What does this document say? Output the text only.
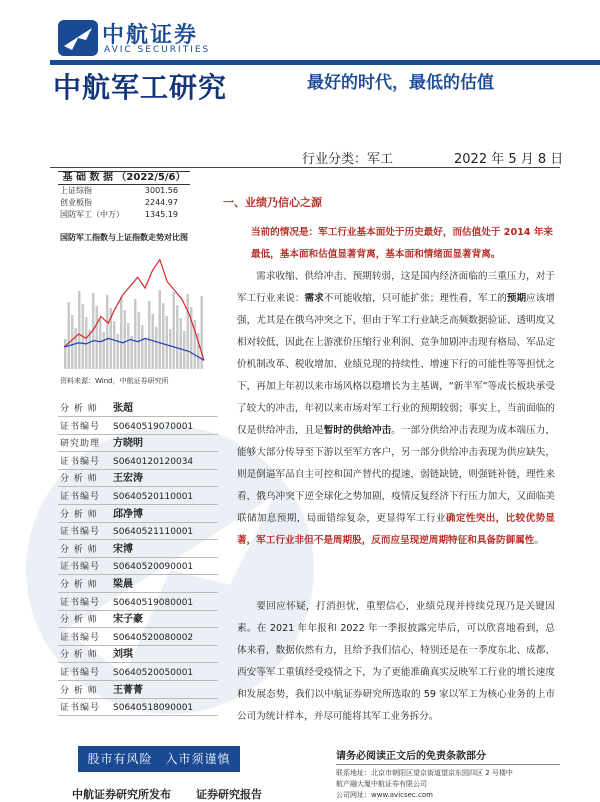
中航证券
AVIC SECURITIES
中航军工研究	最好的时代，最低的估值
行业分类：军工	2022 年 5 月 8 日
基 础 数 据 （2022/5/6）
上证综指	3001.56
创业板指	2244.97
国防军工（中万）	1345.19
国防军工指数与上证指数走势对比图
资料来源：Wind，中航证券研究所
分 析 师 张超
证书编号 S0640519070001
研究助理 方晓明
证书编号 S0640120120034
分 析 师 王宏涛
证书编号 S0640520110001
分 析 师 邱净博
证书编号 S0640521110001
分 析 师 宋博
证书编号 S0640520090001
分 析 师 梁晨
证书编号 S0640519080001
分 析 师 宋子豪
证书编号 S0640520080002
分 析 师 刘琪
证书编号 S0640520050001
分 析 师 王菁菁
证书编号 S0640518090001
一、业绩乃信心之源
当前的情况是：军工行业基本面处于历史最好，而估值处于 2014 年来最低，基本面和估值显著背离，基本面和情绪面显著背离。
需求收缩、供给冲击、预期转弱，这是国内经济面临的三重压力，对于军工行业来说：需求不可能收缩，只可能扩张；理性看，军工的预期应该增强，尤其是在俄乌冲突之下，但由于军工行业缺乏高频数据验证、透明度又相对较低，因此在上游涨价压缩行业利润、竞争加剧冲击现有格局、军品定价机制改革、税收增加、业绩兑现的持续性、增速下行的可能性等等担忧之下，再加上年初以来市场风格以稳增长为主基调，“新半军”等成长板块承受了较大的冲击，年初以来市场对军工行业的预期较弱；事实上，当前面临的仅是供给冲击，且是暂时的供给冲击。一部分供给冲击表现为成本端压力，能够大部分传导至下游以至军方客户，另一部分供给冲击表现为供应缺失，则是倒逼军品自主可控和国产替代的提速，弱链缺链，则强链补链，理性来看，俄乌冲突下逆全球化之势加剧，疫情反复经济下行压力加大，又面临美联储加息预期，局面错综复杂，更显得军工行业确定性突出，比较优势显著，军工行业非但不是周期股，反而应呈现逆周期特征和具备防御属性。
要回应怀疑，打消担忧，重塑信心，业绩兑现并持续兑现乃是关键因素。在 2021 年年报和 2022 年一季报披露完毕后，可以欣喜地看到，总体来看，数据依然有力，且给予我们信心，特别还是在一季度东北、成都、西安等军工重镇经受疫情之下，为了更能准确真实反映军工行业的增长速度和发展态势，我们以中航证券研究所选取的 59 家以军工为核心业务的上市公司为统计样本，并尽可能将其军工业务拆分。
股市有风险　入市须谨慎	请务必阅读正文后的免责条款部分
联系地址：北京市朝阳区望京街道望京东园四区 2 号楼中
航产融大厦中航证券有限公司
公司网址：www.avicsec.com
中航证券研究所发布 证券研究报告
